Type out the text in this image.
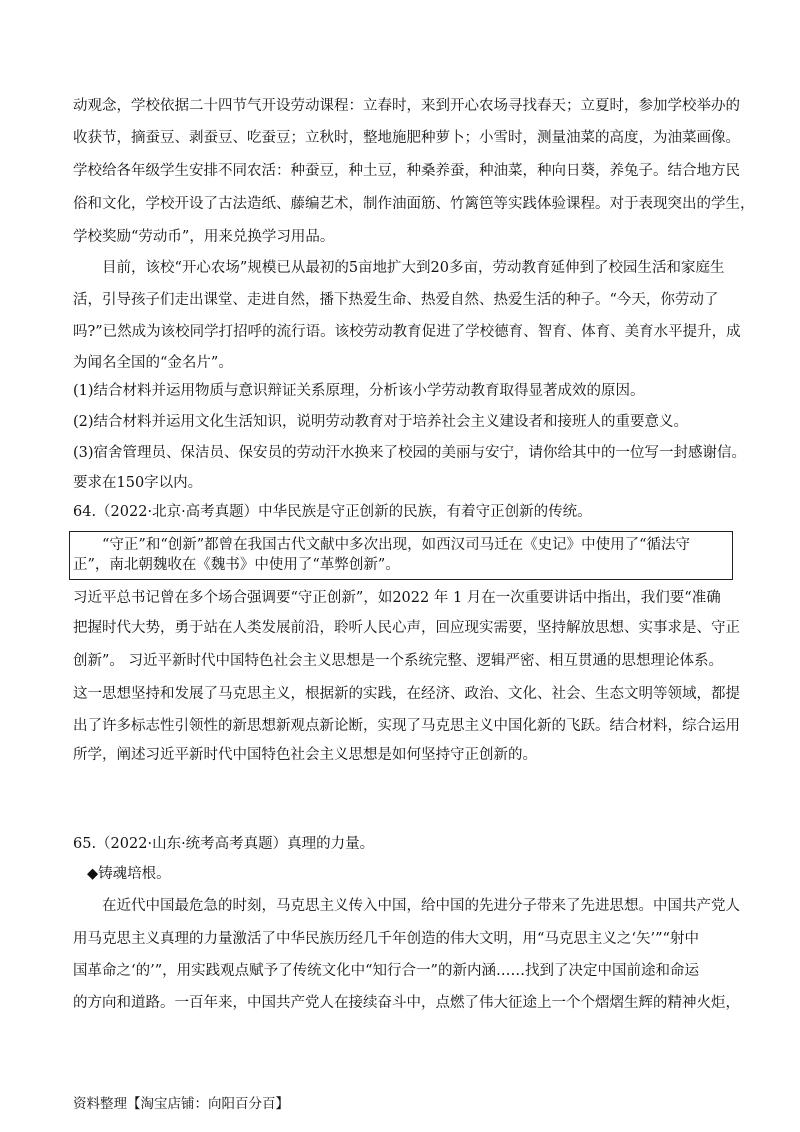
动观念，学校依据二十四节气开设劳动课程：立春时，来到开心农场寻找春天；立夏时，参加学校举办的
收获节，摘蚕豆、剥蚕豆、吃蚕豆；立秋时，整地施肥种萝卜；小雪时，测量油菜的高度，为油菜画像。
学校给各年级学生安排不同农活：种蚕豆，种土豆，种桑养蚕，种油菜，种向日葵，养兔子。结合地方民
俗和文化，学校开设了古法造纸、藤编艺术，制作油面筋、竹篱笆等实践体验课程。对于表现突出的学生，
学校奖励“劳动币”，用来兑换学习用品。
目前，该校“开心农场”规模已从最初的5亩地扩大到20多亩，劳动教育延伸到了校园生活和家庭生
活，引导孩子们走出课堂、走进自然，播下热爱生命、热爱自然、热爱生活的种子。“今天，你劳动了
吗?”已然成为该校同学打招呼的流行语。该校劳动教育促进了学校德育、智育、体育、美育水平提升，成
为闻名全国的“金名片”。
(1)结合材料并运用物质与意识辩证关系原理，分析该小学劳动教育取得显著成效的原因。
(2)结合材料并运用文化生活知识，说明劳动教育对于培养社会主义建设者和接班人的重要意义。
(3)宿舍管理员、保洁员、保安员的劳动汗水换来了校园的美丽与安宁，请你给其中的一位写一封感谢信。
要求在150字以内。
64.（2022·北京·高考真题）中华民族是守正创新的民族，有着守正创新的传统。
“守正”和“创新”都曾在我国古代文献中多次出现，如西汉司马迁在《史记》中使用了“循法守
正”，南北朝魏收在《魏书》中使用了“革弊创新”。
习近平总书记曾在多个场合强调要“守正创新”，如2022 年 1 月在一次重要讲话中指出，我们要“准确
把握时代大势，勇于站在人类发展前沿，聆听人民心声，回应现实需要，坚持解放思想、实事求是、守正
创新”。 习近平新时代中国特色社会主义思想是一个系统完整、逻辑严密、相互贯通的思想理论体系。
这一思想坚持和发展了马克思主义，根据新的实践，在经济、政治、文化、社会、生态文明等领域，都提
出了许多标志性引领性的新思想新观点新论断，实现了马克思主义中国化新的飞跃。结合材料，综合运用
所学，阐述习近平新时代中国特色社会主义思想是如何坚持守正创新的。
65.（2022·山东·统考高考真题）真理的力量。
◆铸魂培根。
在近代中国最危急的时刻，马克思主义传入中国，给中国的先进分子带来了先进思想。中国共产党人
用马克思主义真理的力量激活了中华民族历经几千年创造的伟大文明，用“马克思主义之‘矢’”“射中
国革命之‘的’”，用实践观点赋予了传统文化中“知行合一”的新内涵……找到了决定中国前途和命运
的方向和道路。一百年来，中国共产党人在接续奋斗中，点燃了伟大征途上一个个熠熠生辉的精神火炬，
资料整理【淘宝店铺：向阳百分百】
